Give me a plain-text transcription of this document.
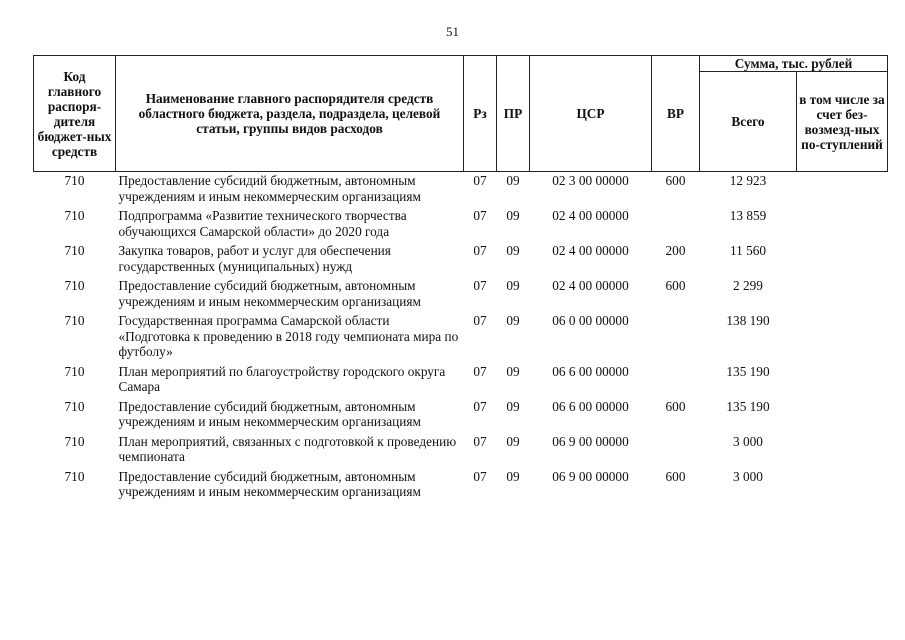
51
Код главного распоря-дителя бюджет-ных средств	Наименование главного распорядителя средств областного бюджета, раздела, подраздела, целевой статьи, группы видов расходов	Рз	ПР	ЦСР	ВР	Сумма, тыс. рублей	
						Всего	в том числе за счет без-возмезд-ных по-ступлений
710	Предоставление субсидий бюджетным, автономным учреждениям и иным некоммерческим организациям	07	09	02 3 00 00000	600	12 923	
710	Подпрограмма «Развитие технического творчества обучающихся Самарской области» до 2020 года	07	09	02 4 00 00000		13 859	
710	Закупка товаров, работ и услуг для обеспечения государственных (муниципальных) нужд	07	09	02 4 00 00000	200	11 560	
710	Предоставление субсидий бюджетным, автономным учреждениям и иным некоммерческим организациям	07	09	02 4 00 00000	600	2 299	
710	Государственная программа Самарской области «Подготовка к проведению в 2018 году чемпионата мира по футболу»	07	09	06 0 00 00000		138 190	
710	План мероприятий по благоустройству городского округа Самара	07	09	06 6 00 00000		135 190	
710	Предоставление субсидий бюджетным, автономным учреждениям и иным некоммерческим организациям	07	09	06 6 00 00000	600	135 190	
710	План мероприятий, связанных с подготовкой к проведению чемпионата	07	09	06 9 00 00000		3 000	
710	Предоставление субсидий бюджетным, автономным учреждениям и иным некоммерческим организациям	07	09	06 9 00 00000	600	3 000	
